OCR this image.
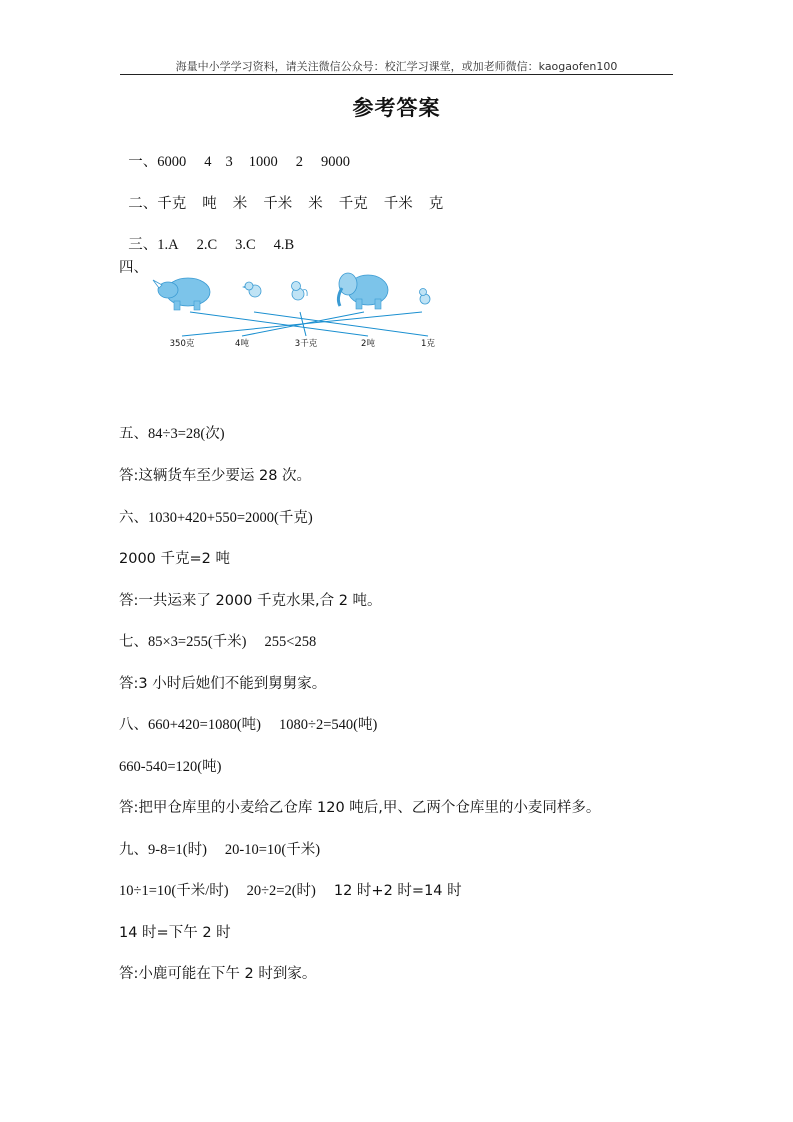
海量中小学学习资料，请关注微信公众号：校汇学习课堂，或加老师微信：kaogaofen100
参考答案

一、6000 4 3 1000 2 9000

二、千克 吨 米 千米 米 千克 千米 克

三、1.A 2.C 3.C 4.B

四、
350克	4吨	3千克	2吨	1克
五、84÷3=28(次)
答:这辆货车至少要运 28 次。
六、1030+420+550=2000(千克)
2000 千克=2 吨
答:一共运来了 2000 千克水果,合 2 吨。
七、85×3=255(千米) 255<258
答:3 小时后她们不能到舅舅家。
八、660+420=1080(吨) 1080÷2=540(吨)
660-540=120(吨)
答:把甲仓库里的小麦给乙仓库 120 吨后,甲、乙两个仓库里的小麦同样多。
九、9-8=1(时) 20-10=10(千米)
10÷1=10(千米/时) 20÷2=2(时) 12 时+2 时=14 时
14 时=下午 2 时
答:小鹿可能在下午 2 时到家。
